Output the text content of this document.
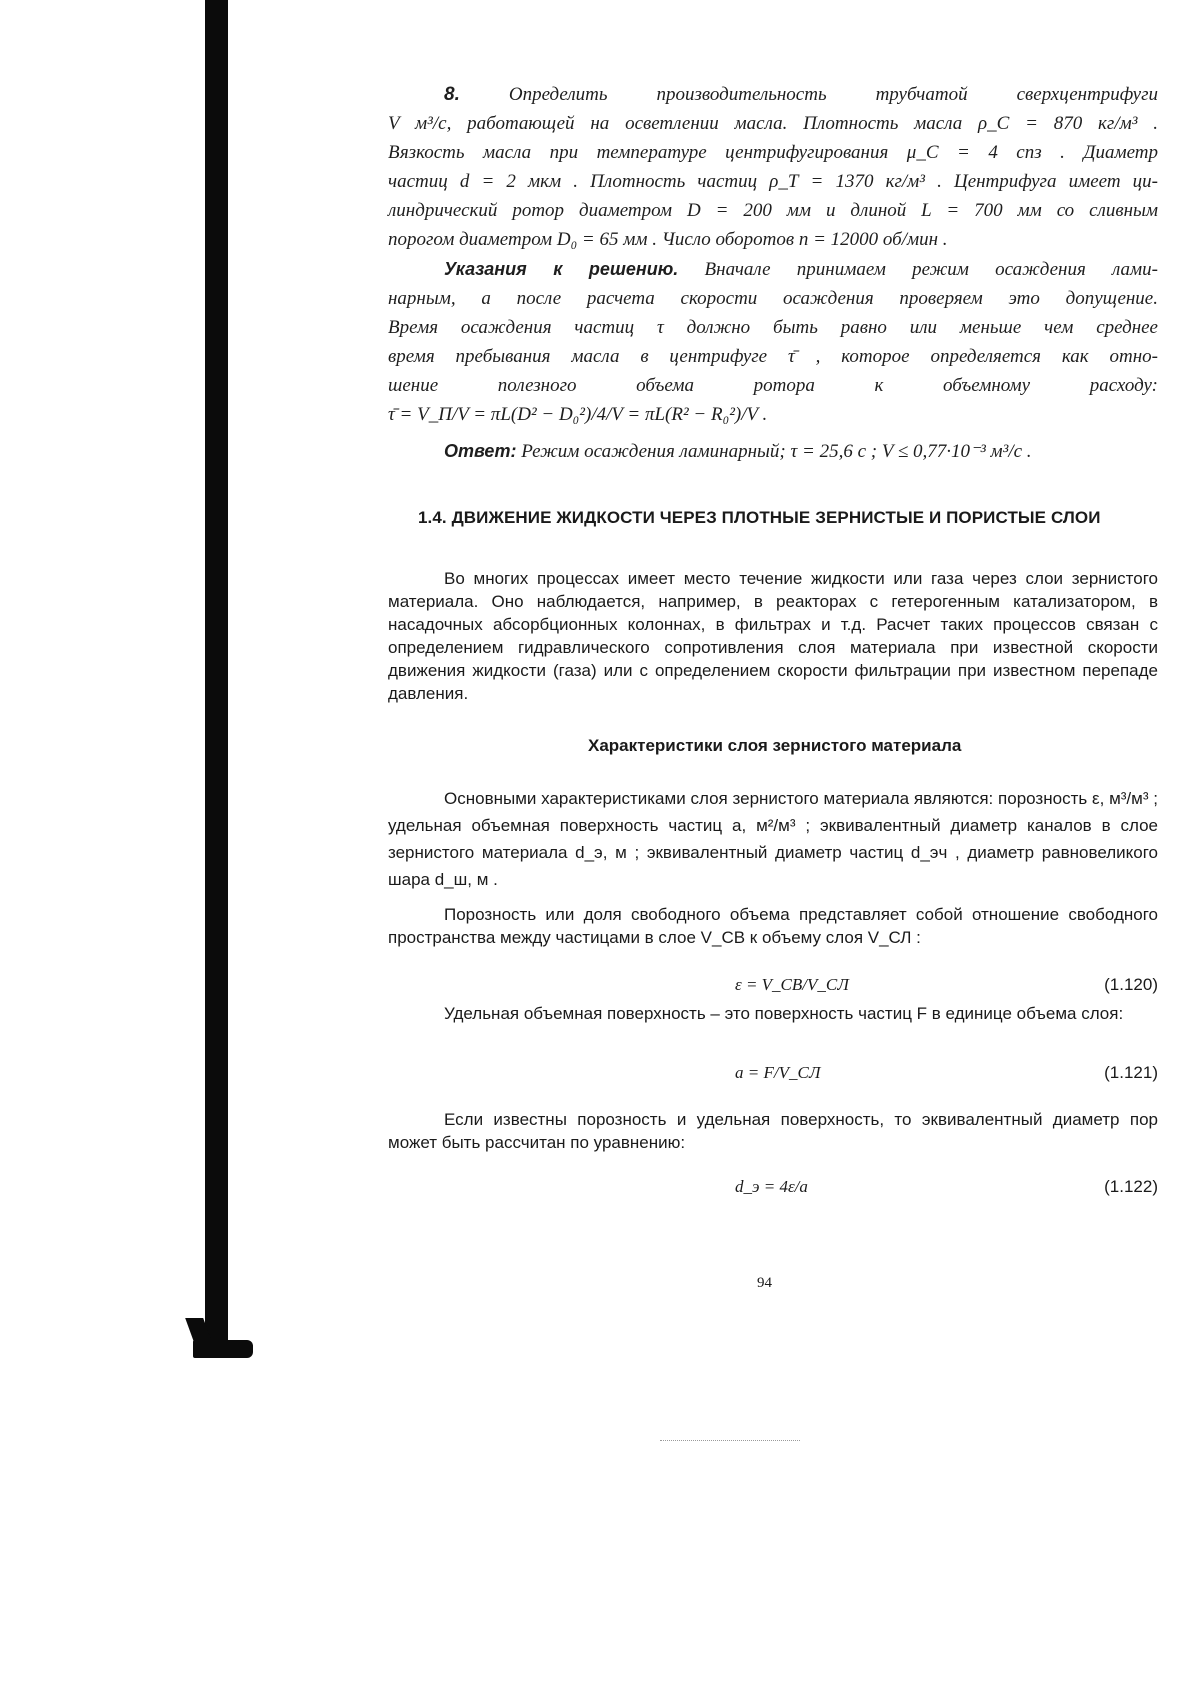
8.	Определить производительность трубчатой сверхцентрифуги

V м³/с, работающей на осветлении масла. Плотность масла ρ_С = 870 кг/м³ .

Вязкость масла при температуре центрифугирования μ_С = 4 спз . Диаметр

частиц d = 2 мкм . Плотность частиц ρ_Т = 1370 кг/м³ . Центрифуга имеет ци-

линдрический ротор диаметром D = 200 мм и длиной L = 700 мм со сливным

порогом диаметром D₀ = 65 мм . Число оборотов n = 12000 об/мин .

Указания к решению. Вначале принимаем режим осаждения лами-

нарным, а после расчета скорости осаждения проверяем это допущение.

Время осаждения частиц τ должно быть равно или меньше чем среднее

время пребывания масла в центрифуге τ̄ , которое определяется как отно-

шение полезного объема ротора к объемному расходу:

τ̄ = V_П/V = πL(D² − D₀²)/4/V = πL(R² − R₀²)/V .

Ответ: Режим осаждения ламинарный; τ = 25,6 с ; V ≤ 0,77·10⁻³ м³/с .

1.4. ДВИЖЕНИЕ ЖИДКОСТИ ЧЕРЕЗ ПЛОТНЫЕ ЗЕРНИСТЫЕ И ПОРИСТЫЕ СЛОИ

Во многих процессах имеет место течение жидкости или газа через слои зернистого материала. Оно наблюдается, например, в реакторах с гетерогенным катализатором, в насадочных абсорбционных колоннах, в фильтрах и т.д. Расчет таких процессов связан с определением гидравлического сопротивления слоя материала при известной скорости движения жидкости (газа) или с определением скорости фильтрации при известном перепаде давления.

Характеристики слоя зернистого материала

Основными характеристиками слоя зернистого материала являются: порозность ε, м³/м³ ; удельная объемная поверхность частиц a, м²/м³ ; эквивалентный диаметр каналов в слое зернистого материала d_э, м ; эквивалентный диаметр частиц d_эч , диаметр равновеликого шара d_ш, м .

Порозность или доля свободного объема представляет собой отношение свободного пространства между частицами в слое V_СВ к объему слоя V_СЛ :

ε = V_СВ/V_СЛ	(1.120)

Удельная объемная поверхность – это поверхность частиц F в единице объема слоя:

a = F/V_СЛ	(1.121)

Если известны порозность и удельная поверхность, то эквивалентный диаметр пор может быть рассчитан по уравнению:

d_э = 4ε/a	(1.122)
94
